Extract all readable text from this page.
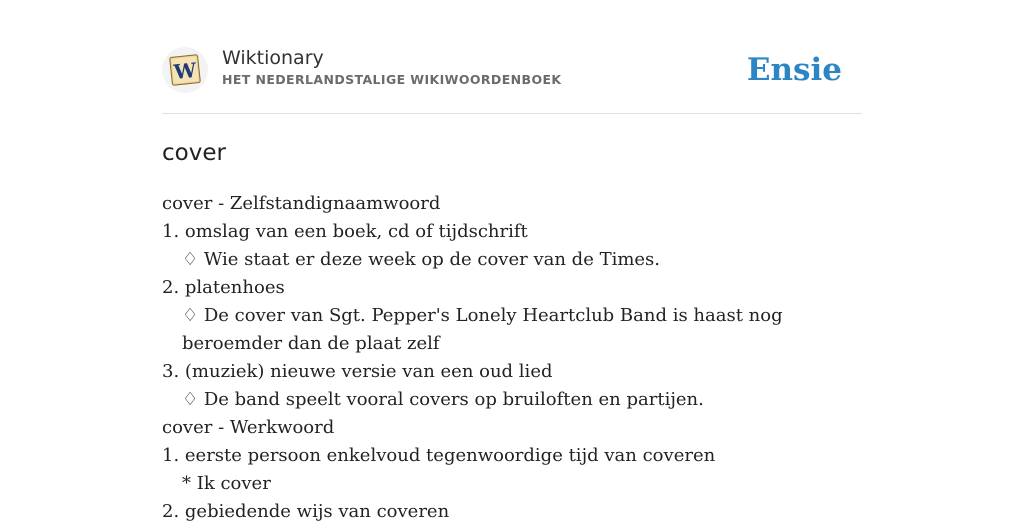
W Wiktionary
HET NEDERLANDSTALIGE WIKIWOORDENBOEK	Ensie
cover
cover - Zelfstandignaamwoord
1. omslag van een boek, cd of tijdschrift
♢ Wie staat er deze week op de cover van de Times.
2. platenhoes
♢ De cover van Sgt. Pepper's Lonely Heartclub Band is haast nog beroemder dan de plaat zelf
3. (muziek) nieuwe versie van een oud lied
♢ De band speelt vooral covers op bruiloften en partijen.
cover - Werkwoord
1. eerste persoon enkelvoud tegenwoordige tijd van coveren
* Ik cover
2. gebiedende wijs van coveren
